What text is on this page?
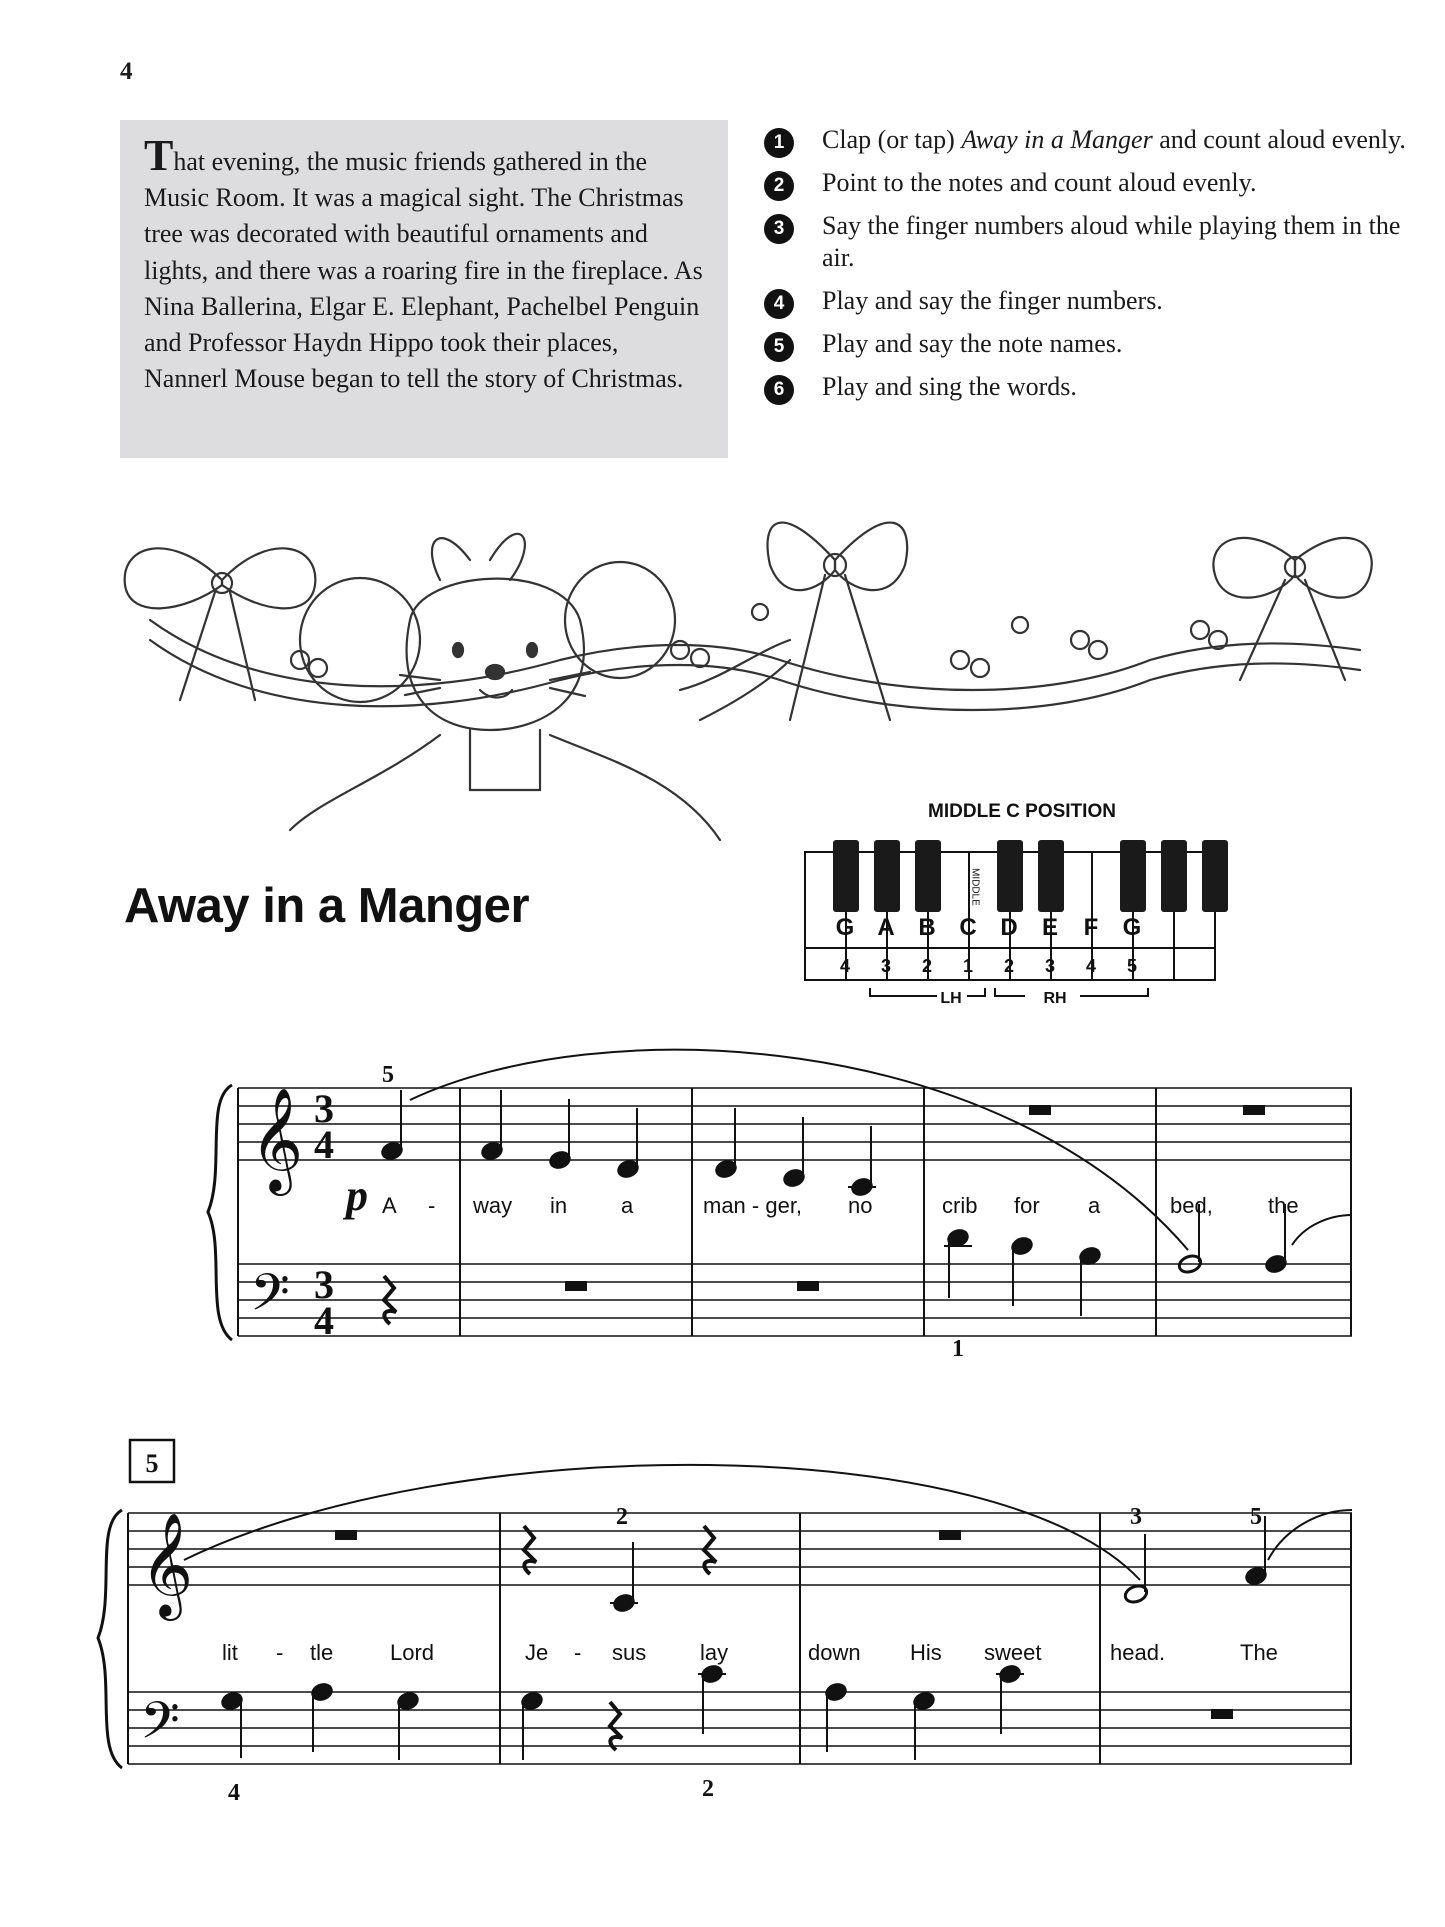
4
That evening, the music friends gathered in the Music Room. It was a magical sight. The Christmas tree was decorated with beautiful ornaments and lights, and there was a roaring fire in the fireplace. As Nina Ballerina, Elgar E. Elephant, Pachelbel Penguin and Professor Haydn Hippo took their places, Nannerl Mouse began to tell the story of Christmas.
1	Clap (or tap) Away in a Manger and count aloud evenly.
2	Point to the notes and count aloud evenly.
3	Say the finger numbers aloud while playing them in the air.
4	Play and say the finger numbers.
5	Play and say the note names.
6	Play and sing the words.
Away in a Manger
MIDDLE C POSITION
G
4
A
3
B
2
C
1
D
2
E
3
F
4
G
5
MIDDLE
LH	RH
𝄞
𝄢
3
4
3
4
p
5
1
A - way in a	man - ger, no	crib for a	bed,	the
5
𝄞
𝄢
2	3	5
4	2
lit - tle	Lord	Je - sus lay	down His sweet	head.	The
